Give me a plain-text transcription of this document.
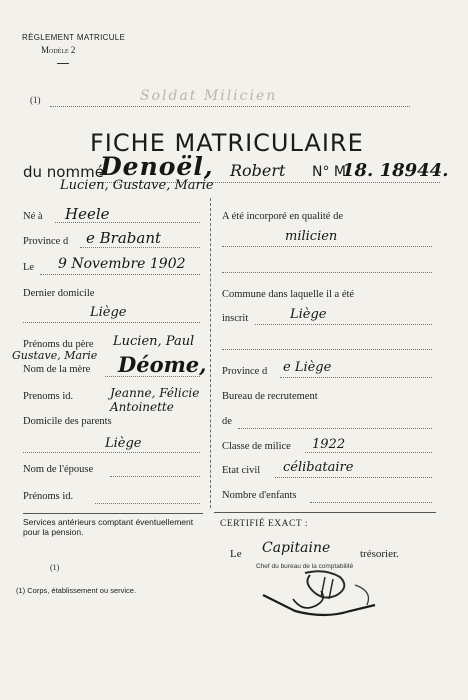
RÈGLEMENT MATRICULE
Modèle 2
(1)	Soldat Milicien
FICHE MATRICULAIRE
du nommé
Denoël, Robert N° M
18. 18944.
Lucien, Gustave, Marie
Né à Heele
Province d e Brabant
Le 9 Novembre 1902
Dernier domicile
Liège
Prénoms du père Lucien, Paul
Gustave, Marie
Nom de la mère Déome,
Prenoms id.	Jeanne, Félicie
Antoinette
Domicile des parents
Liège
Nom de l'épouse
Prénoms id.
Services antérieurs comptant éventuellement pour la pension.
(1)
(1) Corps, établissement ou service.
A été incorporé en qualité de
milicien
Commune dans laquelle il a été
inscrit	Liège
Province d e Liège
Bureau de recrutement
de
Classe de milice 1922
Etat civil célibataire
Nombre d'enfants
CERTIFIÉ EXACT :
Le Capitaine	trésorier.
Chef du bureau de la comptabilité
